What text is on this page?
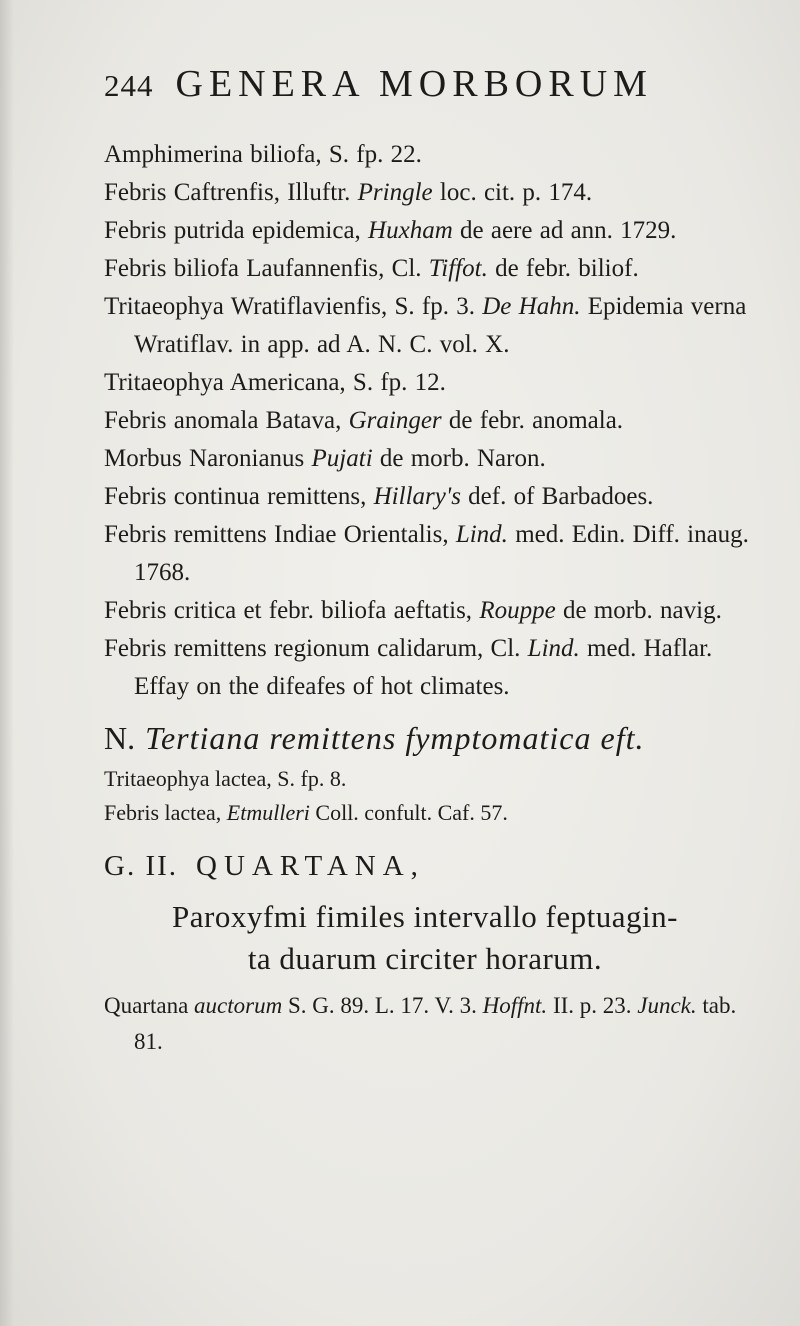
244 GENERA MORBORUM

Amphimerina biliofa, S. fp. 22.

Febris Caftrenfis, Illuftr. Pringle loc. cit. p. 174.

Febris putrida epidemica, Huxham de aere ad ann. 1729.

Febris biliofa Laufannenfis, Cl. Tiffot. de febr. biliof.

Tritaeophya Wratiflavienfis, S. fp. 3. De Hahn. Epidemia verna Wratiflav. in app. ad A. N. C. vol. X.

Tritaeophya Americana, S. fp. 12.

Febris anomala Batava, Grainger de febr. anomala.

Morbus Naronianus Pujati de morb. Naron.

Febris continua remittens, Hillary's def. of Barbadoes.

Febris remittens Indiae Orientalis, Lind. med. Edin. Diff. inaug. 1768.

Febris critica et febr. biliofa aeftatis, Rouppe de morb. navig.

Febris remittens regionum calidarum, Cl. Lind. med. Haflar. Effay on the difeafes of hot climates.

N. Tertiana remittens fymptomatica eft.

Tritaeophya lactea, S. fp. 8.

Febris lactea, Etmulleri Coll. confult. Caf. 57.

G. II. QUARTANA,
Paroxyfmi fimiles intervallo feptuagin-
ta duarum circiter horarum.

Quartana auctorum S. G. 89. L. 17. V. 3. Hoffnt. II. p. 23. Junck. tab. 81.
